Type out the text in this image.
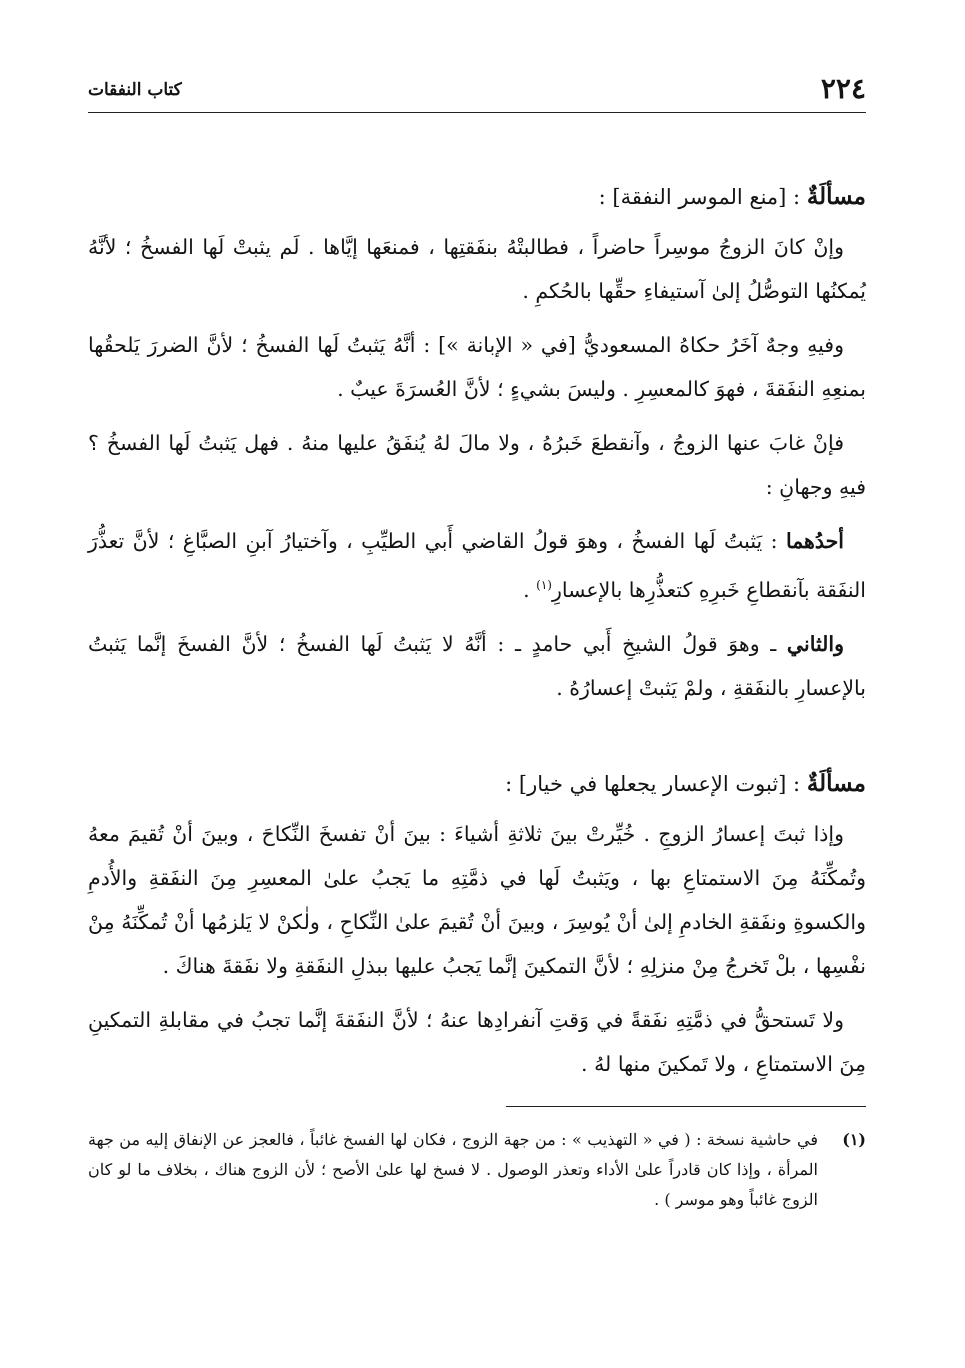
٢٢٤
كتاب النفقات
مسألَةٌ : [منع الموسر النفقة] :

وإنْ كانَ الزوجُ موسِراً حاضراً ، فطالبتْهُ بنفَقتِها ، فمنعَها إيَّاها . لَم يثبتْ لَها الفسخُ ؛ لأنَّهُ يُمكنُها التوصُّلُ إلىٰ آستيفاءِ حقِّها بالحُكمِ .

وفيهِ وجهٌ آخَرُ حكاهُ المسعوديُّ [في « الإبانة »] : أنَّهُ يَثبتُ لَها الفسخُ ؛ لأنَّ الضررَ يَلحقُها بمنعِهِ النفَقةَ ، فهوَ كالمعسِرِ . وليسَ بشيءٍ ؛ لأنَّ العُسرَةَ عيبٌ .

فإنْ غابَ عنها الزوجُ ، وآنقطعَ خَبرُهُ ، ولا مالَ لهُ يُنفَقُ عليها منهُ . فهل يَثبتُ لَها الفسخُ ؟ فيهِ وجهانِ :

أحدُهما : يَثبتُ لَها الفسخُ ، وهوَ قولُ القاضي أَبي الطيِّبِ ، وآختيارُ آبنِ الصبَّاغِ ؛ لأنَّ تعذُّرَ النفَقة بآنقطاعِ خَبرِهِ كتعذُّرِها بالإعسارِ$^{(١)}$ .

والثاني ـ وهوَ قولُ الشيخِ أَبي حامدٍ ـ : أنَّهُ لا يَثبتُ لَها الفسخُ ؛ لأنَّ الفسخَ إنَّما يَثبتُ بالإعسارِ بالنفَقةِ ، ولمْ يَثبتْ إعسارُهُ .

مسألَةٌ : [ثبوت الإعسار يجعلها في خيار] :

وإذا ثبتَ إعسارُ الزوجِ . خُيِّرتْ بينَ ثلاثةِ أشياءَ : بينَ أنْ تفسخَ النِّكاحَ ، وبينَ أنْ تُقيمَ معهُ وتُمكِّنَهُ مِنَ الاستمتاعِ بها ، ويَثبتُ لَها في ذمَّتِهِ ما يَجبُ علىٰ المعسِرِ مِنَ النفَقةِ والأُدمِ والكسوةِ ونفَقةِ الخادمِ إلىٰ أنْ يُوسِرَ ، وبينَ أنْ تُقيمَ علىٰ النِّكاحِ ، ولٰكنْ لا يَلزمُها أنْ تُمكِّنَهُ مِنْ نفْسِها ، بلْ تَخرجُ مِنْ منزلِهِ ؛ لأنَّ التمكينَ إنَّما يَجبُ عليها ببذلِ النفَقةِ ولا نفَقةَ هناكَ .

ولا تَستحقُّ في ذمَّتِهِ نفَقةً في وَقتِ آنفرادِها عنهُ ؛ لأنَّ النفَقةَ إنَّما تجبُ في مقابلةِ التمكينِ مِنَ الاستمتاعِ ، ولا تَمكينَ منها لهُ .

(١)
في حاشية نسخة : ( في « التهذيب » : من جهة الزوج ، فكان لها الفسخ غائباً ، فالعجز عن الإنفاق إليه من جهة المرأة ، وإذا كان قادراً علىٰ الأداء وتعذر الوصول . لا فسخ لها علىٰ الأصح ؛ لأن الزوج هناك ، بخلاف ما لو كان الزوج غائباً وهو موسر ) .
